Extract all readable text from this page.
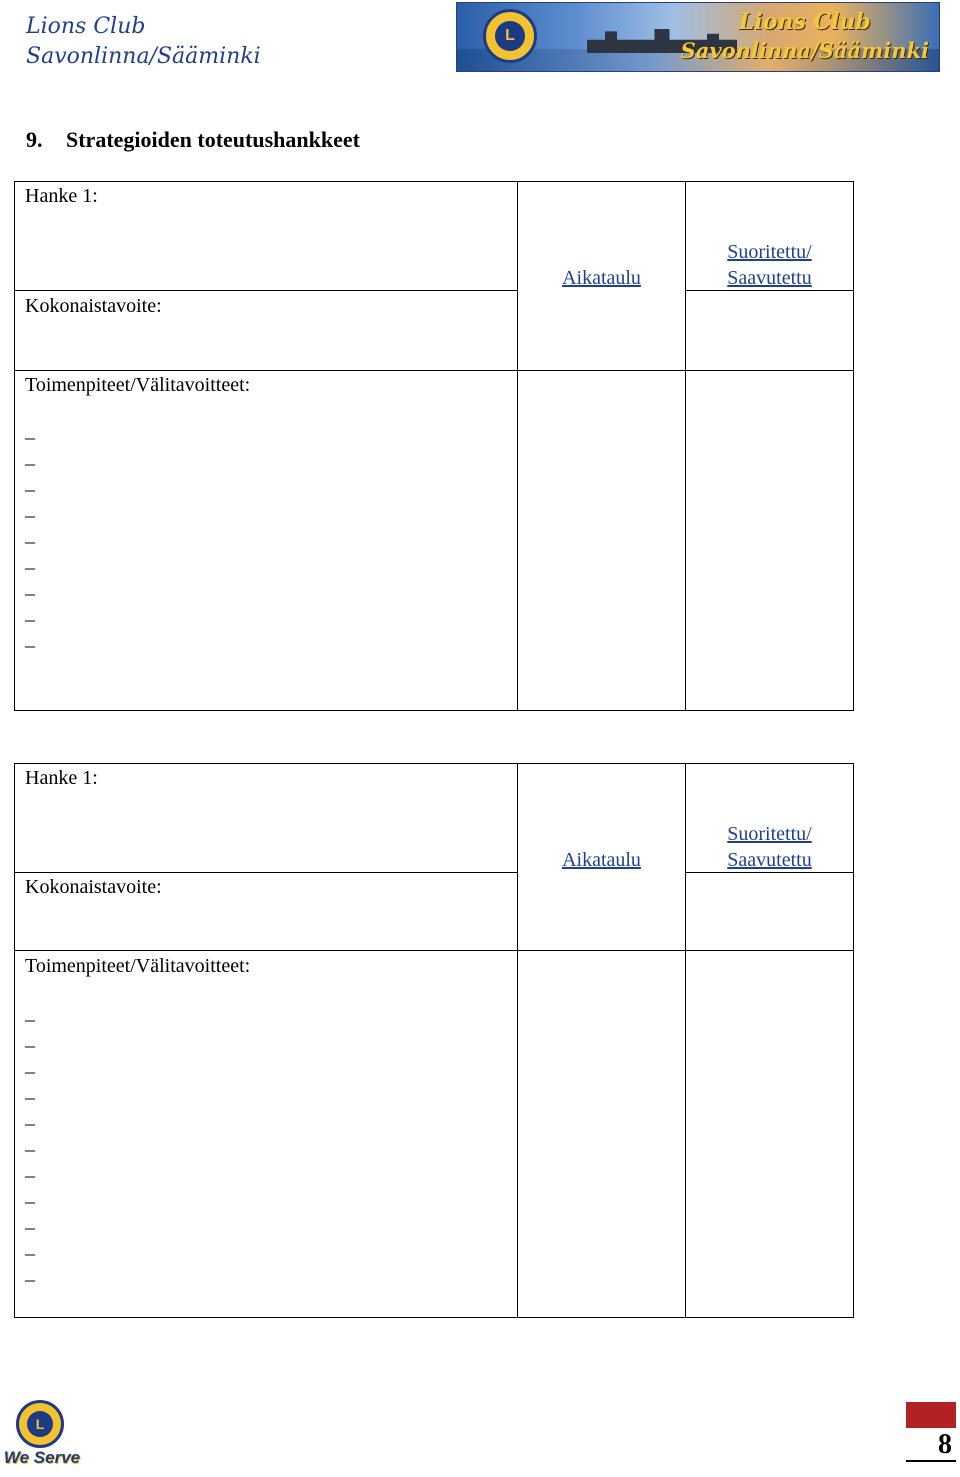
Lions Club
Savonlinna/Sääminki
L
Lions Club
Savonlinna/Sääminki
9. Strategioiden toteutushankkeet
Hanke 1:
Kokonaistavoite:
Aikataulu
Suoritettu/
Saavutettu
Toimenpiteet/Välitavoitteet:
_
_
_
_
_
_
_
_
_
Hanke 1:
Kokonaistavoite:
Aikataulu
Suoritettu/
Saavutettu
Toimenpiteet/Välitavoitteet:
_
_
_
_
_
_
_
_
_
_
_
L
We Serve	8
